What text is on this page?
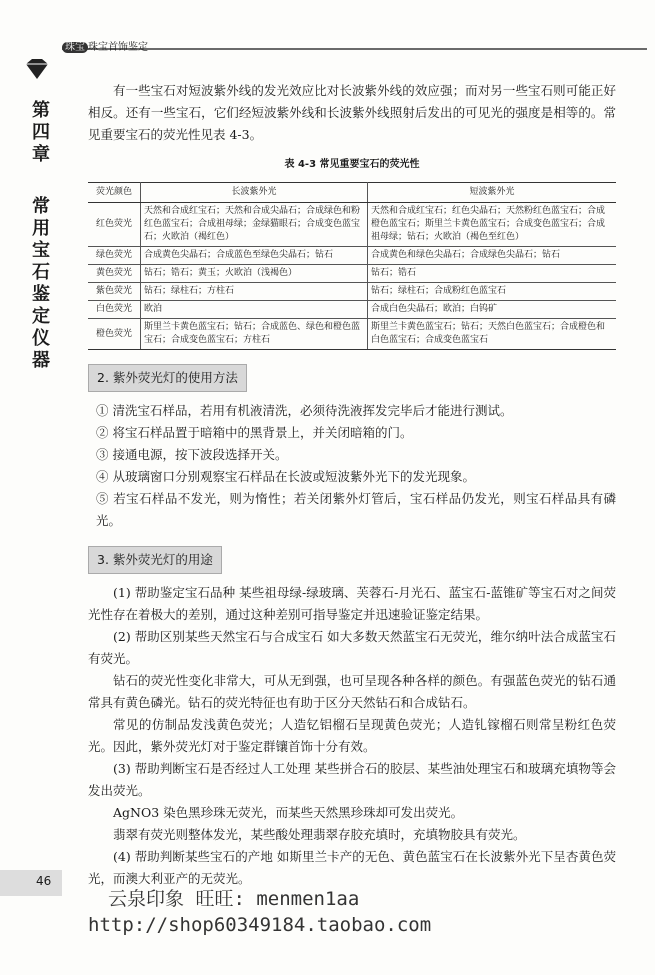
珠宝 珠宝首饰鉴定
第
四
章
常
用
宝
石
鉴
定
仪
器

有一些宝石对短波紫外线的发光效应比对长波紫外线的效应强；而对另一些宝石则可能正好相反。还有一些宝石，它们经短波紫外线和长波紫外线照射后发出的可见光的强度是相等的。常见重要宝石的荧光性见表 4-3。

表 4-3 常见重要宝石的荧光性
荧光颜色	长波紫外光	短波紫外光
红色荧光	天然和合成红宝石；天然和合成尖晶石；合成绿色和粉红色蓝宝石；合成祖母绿；金绿猫眼石；合成变色蓝宝石；火欧泊（褐红色）	天然和合成红宝石；红色尖晶石；天然粉红色蓝宝石；合成橙色蓝宝石；斯里兰卡黄色蓝宝石；合成变色蓝宝石；合成祖母绿；钻石；火欧泊（褐色至红色）
绿色荧光	合成黄色尖晶石；合成蓝色至绿色尖晶石；钻石	合成黄色和绿色尖晶石；合成绿色尖晶石；钻石
黄色荧光	钻石；锆石；黄玉；火欧泊（浅褐色）	钻石；锆石
紫色荧光	钻石；绿柱石；方柱石	钻石；绿柱石；合成粉红色蓝宝石
白色荧光	欧泊	合成白色尖晶石；欧泊；白钨矿
橙色荧光	斯里兰卡黄色蓝宝石；钻石；合成蓝色、绿色和橙色蓝宝石；合成变色蓝宝石；方柱石	斯里兰卡黄色蓝宝石；钻石；天然白色蓝宝石；合成橙色和白色蓝宝石；合成变色蓝宝石
2. 紫外荧光灯的使用方法

① 清洗宝石样品，若用有机液清洗，必须待洗液挥发完毕后才能进行测试。

② 将宝石样品置于暗箱中的黑背景上，并关闭暗箱的门。

③ 接通电源，按下波段选择开关。

④ 从玻璃窗口分别观察宝石样品在长波或短波紫外光下的发光现象。

⑤ 若宝石样品不发光，则为惰性；若关闭紫外灯管后，宝石样品仍发光，则宝石样品具有磷光。

3. 紫外荧光灯的用途

(1) 帮助鉴定宝石品种 某些祖母绿-绿玻璃、芙蓉石-月光石、蓝宝石-蓝锥矿等宝石对之间荧光性存在着极大的差别，通过这种差别可指导鉴定并迅速验证鉴定结果。

(2) 帮助区别某些天然宝石与合成宝石 如大多数天然蓝宝石无荧光，维尔纳叶法合成蓝宝石有荧光。

钻石的荧光性变化非常大，可从无到强，也可呈现各种各样的颜色。有强蓝色荧光的钻石通常具有黄色磷光。钻石的荧光特征也有助于区分天然钻石和合成钻石。

常见的仿制品发浅黄色荧光；人造钇铝榴石呈现黄色荧光；人造钆镓榴石则常呈粉红色荧光。因此，紫外荧光灯对于鉴定群镶首饰十分有效。

(3) 帮助判断宝石是否经过人工处理 某些拼合石的胶层、某些油处理宝石和玻璃充填物等会发出荧光。

AgNO3 染色黑珍珠无荧光，而某些天然黑珍珠却可发出荧光。

翡翠有荧光则整体发光，某些酸处理翡翠存胶充填时，充填物胶具有荧光。

(4) 帮助判断某些宝石的产地 如斯里兰卡产的无色、黄色蓝宝石在长波紫外光下呈杏黄色荧光，而澳大利亚产的无荧光。

46
云泉印象 旺旺: menmen1aa
http://shop60349184.taobao.com
